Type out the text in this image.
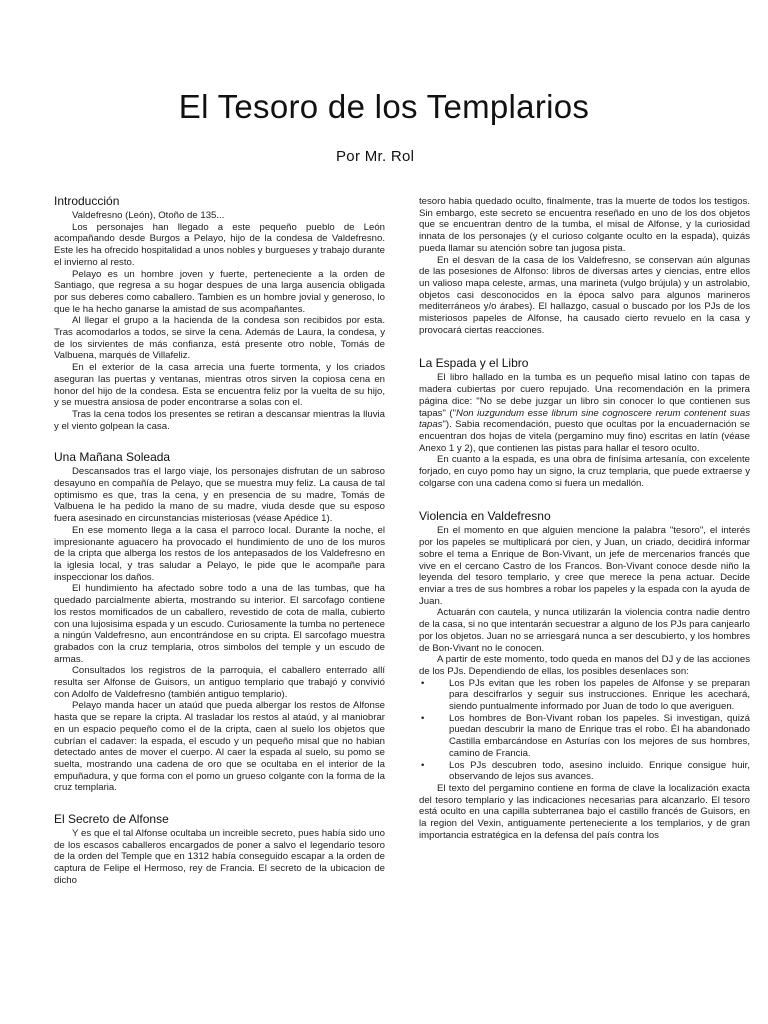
El Tesoro de los Templarios

Por Mr. Rol

Introducción

Valdefresno (León), Otoño de 135...

Los personajes han llegado a este pequeño pueblo de León acompañando desde Burgos a Pelayo, hijo de la condesa de Valdefresno. Este les ha ofrecido hospitalidad a unos nobles y burgueses y trabajo durante el invierno al resto.

Pelayo es un hombre joven y fuerte, perteneciente a la orden de Santiago, que regresa a su hogar despues de una larga ausencia obligada por sus deberes como caballero. Tambien es un hombre jovial y generoso, lo que le ha hecho ganarse la amistad de sus acompañantes.

Al llegar el grupo a la hacienda de la condesa son recibidos por esta. Tras acomodarlos a todos, se sirve la cena. Además de Laura, la condesa, y de los sirvientes de más confianza, está presente otro noble, Tomás de Valbuena, marqués de Villafeliz.

En el exterior de la casa arrecia una fuerte tormenta, y los criados aseguran las puertas y ventanas, mientras otros sirven la copiosa cena en honor del hijo de la condesa. Esta se encuentra feliz por la vuelta de su hijo, y se muestra ansiosa de poder encontrarse a solas con el.

Tras la cena todos los presentes se retiran a descansar mientras la lluvia y el viento golpean la casa.

Una Mañana Soleada

Descansados tras el largo viaje, los personajes disfrutan de un sabroso desayuno en compañía de Pelayo, que se muestra muy feliz. La causa de tal optimismo es que, tras la cena, y en presencia de su madre, Tomás de Valbuena le ha pedido la mano de su madre, viuda desde que su esposo fuera asesinado en circunstancias misteriosas (véase Apédice 1).

En ese momento llega a la casa el parroco local. Durante la noche, el impresionante aguacero ha provocado el hundimiento de uno de los muros de la cripta que alberga los restos de los antepasados de los Valdefresno en la iglesia local, y tras saludar a Pelayo, le pide que le acompañe para inspeccionar los daños.

El hundimiento ha afectado sobre todo a una de las tumbas, que ha quedado parcialmente abierta, mostrando su interior. El sarcofago contiene los restos momificados de un caballero, revestido de cota de malla, cubierto con una lujosisima espada y un escudo. Curiosamente la tumba no pertenece a ningún Valdefresno, aun encontrándose en su cripta. El sarcofago muestra grabados con la cruz templaria, otros simbolos del temple y un escudo de armas.

Consultados los registros de la parroquia, el caballero enterrado allí resulta ser Alfonse de Guisors, un antiguo templario que trabajó y convivió con Adolfo de Valdefresno (también antiguo templario).

Pelayo manda hacer un ataúd que pueda albergar los restos de Alfonse hasta que se repare la cripta. Al trasladar los restos al ataúd, y al maniobrar en un espacio pequeño como el de la cripta, caen al suelo los objetos que cubrían el cadaver: la espada, el escudo y un pequeño misal que no habian detectado antes de mover el cuerpo. Al caer la espada al suelo, su pomo se suelta, mostrando una cadena de oro que se ocultaba en el interior de la empuñadura, y que forma con el pomo un grueso colgante con la forma de la cruz templaria.

El Secreto de Alfonse

Y es que el tal Alfonse ocultaba un increible secreto, pues había sido uno de los escasos caballeros encargados de poner a salvo el legendario tesoro de la orden del Temple que en 1312 había conseguido escapar a la orden de captura de Felipe el Hermoso, rey de Francia. El secreto de la ubicacion de dicho

tesoro habia quedado oculto, finalmente, tras la muerte de todos los testigos. Sin embargo, este secreto se encuentra reseñado en uno de los dos objetos que se encuentran dentro de la tumba, el misal de Alfonse, y la curiosidad innata de los personajes (y el curioso colgante oculto en la espada), quizás pueda llamar su atención sobre tan jugosa pista.

En el desvan de la casa de los Valdefresno, se conservan aún algunas de las posesiones de Alfonso: libros de diversas artes y ciencias, entre ellos un valioso mapa celeste, armas, una marineta (vulgo brújula) y un astrolabio, objetos casi desconocidos en la época salvo para algunos marineros mediterráneos y/o árabes). El hallazgo, casual o buscado por los PJs de los misteriosos papeles de Alfonse, ha causado cierto revuelo en la casa y provocará ciertas reacciones.

La Espada y el Libro

El libro hallado en la tumba es un pequeño misal latino con tapas de madera cubiertas por cuero repujado. Una recomendación en la primera página dice: "No se debe juzgar un libro sin conocer lo que contienen sus tapas" ("Non iuzgundum esse librum sine cognoscere rerum contenent suas tapas"). Sabia recomendación, puesto que ocultas por la encuadernación se encuentran dos hojas de vitela (pergamino muy fino) escritas en latín (véase Anexo 1 y 2), que contienen las pistas para hallar el tesoro oculto.

En cuanto a la espada, es una obra de finísima artesanía, con excelente forjado, en cuyo pomo hay un signo, la cruz templaria, que puede extraerse y colgarse con una cadena como si fuera un medallón.

Violencia en Valdefresno

En el momento en que alguien mencione la palabra "tesoro", el interés por los papeles se multiplicará por cien, y Juan, un criado, decidirá informar sobre el tema a Enrique de Bon-Vivant, un jefe de mercenarios francés que vive en el cercano Castro de los Francos. Bon-Vivant conoce desde niño la leyenda del tesoro templario, y cree que merece la pena actuar. Decide enviar a tres de sus hombres a robar los papeles y la espada con la ayuda de Juan.

Actuarán con cautela, y nunca utilizarán la violencia contra nadie dentro de la casa, si no que intentarán secuestrar a alguno de los PJs para canjearlo por los objetos. Juan no se arriesgará nunca a ser descubierto, y los hombres de Bon-Vivant no le conocen.

A partir de este momento, todo queda en manos del DJ y de las acciones de los PJs. Dependiendo de ellas, los posibles desenlaces son:

• Los PJs evitan que les roben los papeles de Alfonse y se preparan para descifrarlos y seguir sus instrucciones. Enrique les acechará, siendo puntualmente informado por Juan de todo lo que averiguen.
• Los hombres de Bon-Vivant roban los papeles. Si investigan, quizá puedan descubrir la mano de Enrique tras el robo. Él ha abandonado Castilla embarcándose en Asturías con los mejores de sus hombres, camino de Francia.
• Los PJs descubren todo, asesino incluido. Enrique consigue huir, observando de lejos sus avances.

El texto del pergamino contiene en forma de clave la localización exacta del tesoro templario y las indicaciones necesarias para alcanzarlo. El tesoro está oculto en una capilla subterranea bajo el castillo francés de Guisors, en la region del Vexin, antiguamente perteneciente a los templarios, y de gran importancia estratégica en la defensa del país contra los
